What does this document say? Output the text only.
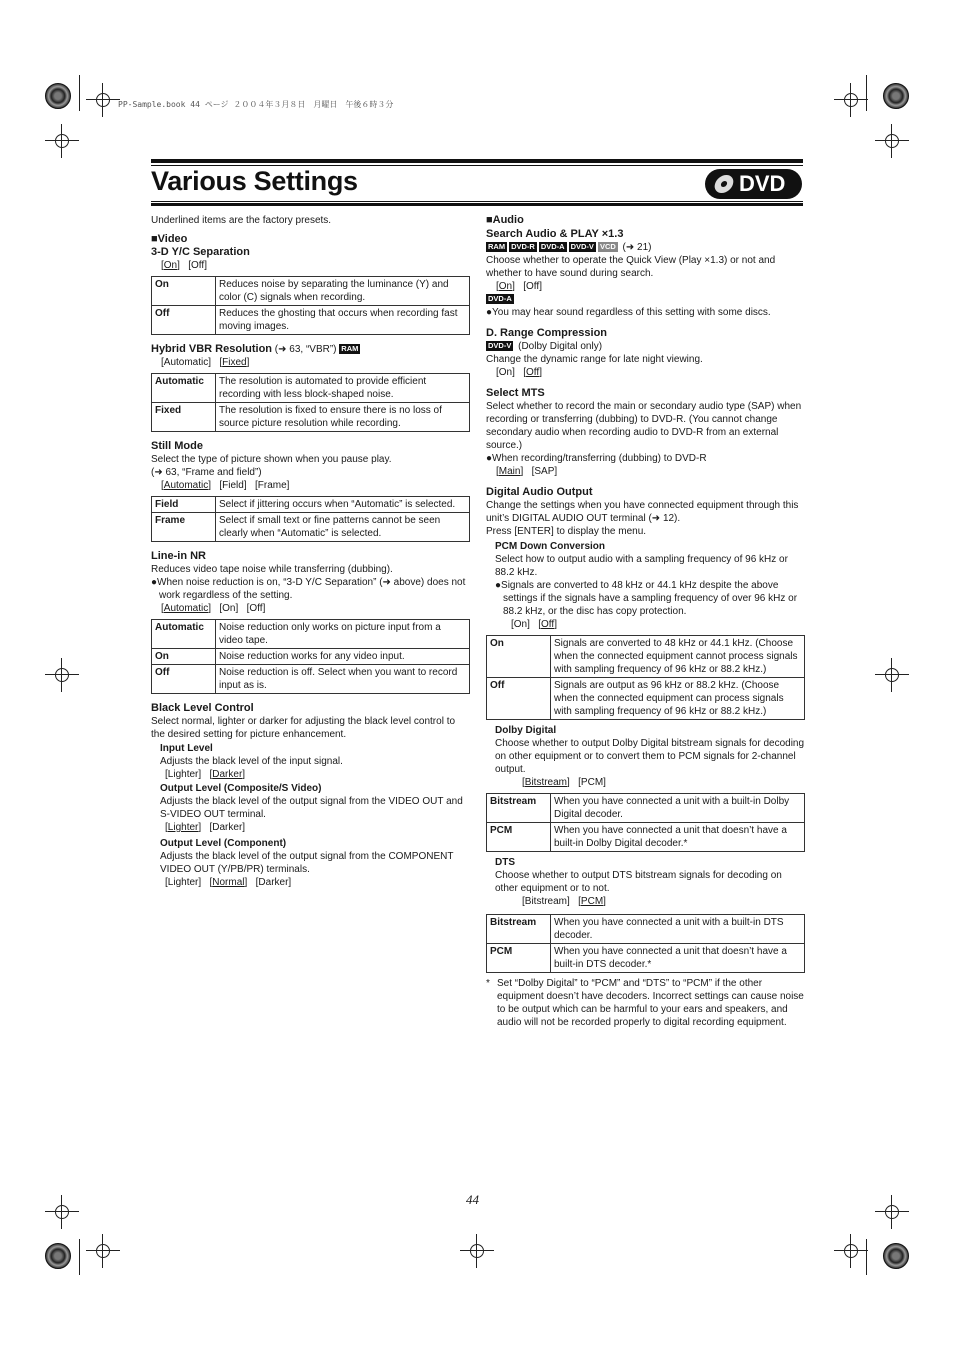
PP-Sample.book 44 ページ ２００４年３月８日　月曜日　午後６時３分
Various Settings	DVD

Underlined items are the factory presets.

■Video

3-D Y/C Separation

[On]   [Off]

On	Reduces noise by separating the luminance (Y) and color (C) signals when recording.
Off	Reduces the ghosting that occurs when recording fast moving images.

Hybrid VBR Resolution (➜ 63, “VBR”) RAM

[Automatic]   [Fixed]

Automatic	The resolution is automated to provide efficient recording with less block-shaped noise.
Fixed	The resolution is fixed to ensure there is no loss of source picture resolution while recording.

Still Mode

Select the type of picture shown when you pause play.

(➜ 63, “Frame and field”)

[Automatic]   [Field]   [Frame]

Field	Select if jittering occurs when “Automatic” is selected.
Frame	Select if small text or fine patterns cannot be seen clearly when “Automatic” is selected.

Line-in NR

Reduces video tape noise while transferring (dubbing).

●When noise reduction is on, “3-D Y/C Separation” (➜ above) does not work regardless of the setting.

[Automatic]   [On]   [Off]

Automatic	Noise reduction only works on picture input from a video tape.
On	Noise reduction works for any video input.
Off	Noise reduction is off. Select when you want to record input as is.

Black Level Control

Select normal, lighter or darker for adjusting the black level control to the desired setting for picture enhancement.

Input Level

Adjusts the black level of the input signal.

[Lighter]   [Darker]

Output Level (Composite/S Video)

Adjusts the black level of the output signal from the VIDEO OUT and S-VIDEO OUT terminal.

[Lighter]   [Darker]

Output Level (Component)

Adjusts the black level of the output signal from the COMPONENT VIDEO OUT (Y/PB/PR) terminals.

[Lighter]   [Normal]   [Darker]

■Audio

Search Audio & PLAY ×1.3

RAM DVD-R DVD-A DVD-V VCD (➜ 21)

Choose whether to operate the Quick View (Play ×1.3) or not and whether to have sound during search.

[On]   [Off]

DVD-A

●You may hear sound regardless of this setting with some discs.

D. Range Compression

DVD-V (Dolby Digital only)

Change the dynamic range for late night viewing.

[On]   [Off]

Select MTS

Select whether to record the main or secondary audio type (SAP) when recording or transferring (dubbing) to DVD-R. (You cannot change secondary audio when recording audio to DVD-R from an external source.)

●When recording/transferring (dubbing) to DVD-R

[Main]   [SAP]

Digital Audio Output

Change the settings when you have connected equipment through this unit’s DIGITAL AUDIO OUT terminal (➜ 12).

Press [ENTER] to display the menu.

PCM Down Conversion

Select how to output audio with a sampling frequency of 96 kHz or 88.2 kHz.

●Signals are converted to 48 kHz or 44.1 kHz despite the above settings if the signals have a sampling frequency of over 96 kHz or 88.2 kHz, or the disc has copy protection.

[On]   [Off]

On	Signals are converted to 48 kHz or 44.1 kHz. (Choose when the connected equipment cannot process signals with sampling frequency of 96 kHz or 88.2 kHz.)
Off	Signals are output as 96 kHz or 88.2 kHz. (Choose when the connected equipment can process signals with sampling frequency of 96 kHz or 88.2 kHz.)

Dolby Digital

Choose whether to output Dolby Digital bitstream signals for decoding on other equipment or to convert them to PCM signals for 2-channel output.

[Bitstream]   [PCM]

Bitstream	When you have connected a unit with a built-in Dolby Digital decoder.
PCM	When you have connected a unit that doesn’t have a built-in Dolby Digital decoder.*

DTS

Choose whether to output DTS bitstream signals for decoding on other equipment or to not.

[Bitstream]   [PCM]

Bitstream	When you have connected a unit with a built-in DTS decoder.
PCM	When you have connected a unit that doesn’t have a built-in DTS decoder.*
* Set “Dolby Digital” to “PCM” and “DTS” to “PCM” if the other equipment doesn’t have decoders. Incorrect settings can cause noise to be output which can be harmful to your ears and speakers, and audio will not be recorded properly to digital recording equipment.

44
